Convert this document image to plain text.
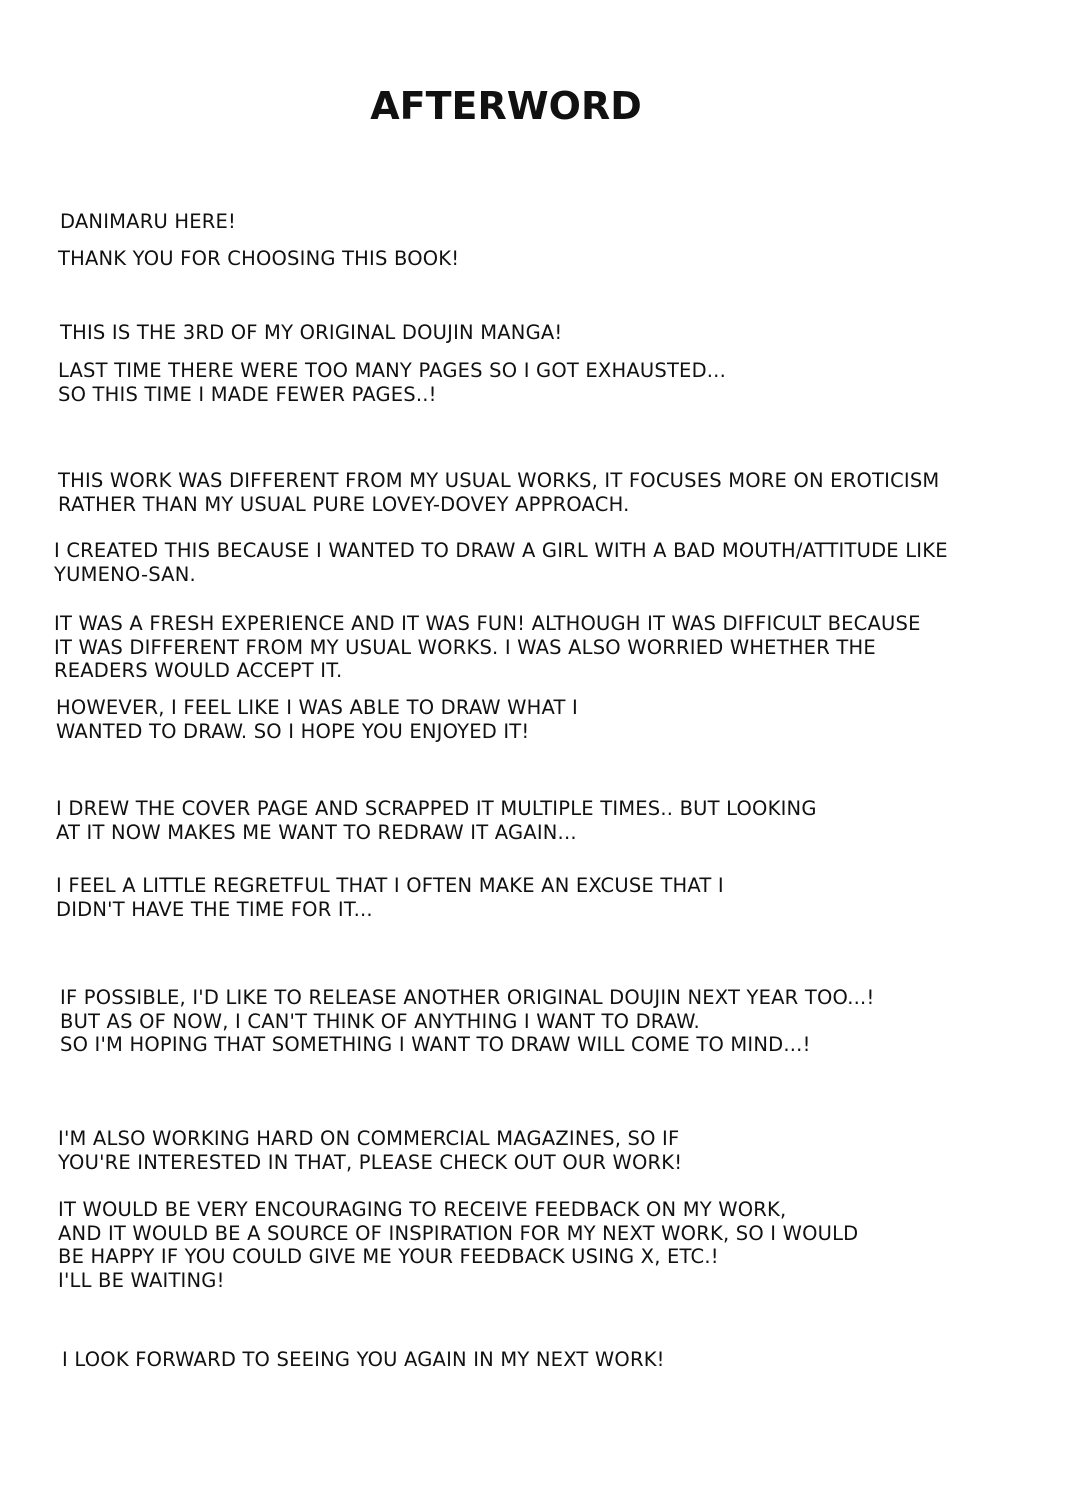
AFTERWORD
DANIMARU HERE!
THANK YOU FOR CHOOSING THIS BOOK!
THIS IS THE 3RD OF MY ORIGINAL DOUJIN MANGA!
LAST TIME THERE WERE TOO MANY PAGES SO I GOT EXHAUSTED...
SO THIS TIME I MADE FEWER PAGES..!
THIS WORK WAS DIFFERENT FROM MY USUAL WORKS, IT FOCUSES MORE ON EROTICISM
RATHER THAN MY USUAL PURE LOVEY-DOVEY APPROACH.
I CREATED THIS BECAUSE I WANTED TO DRAW A GIRL WITH A BAD MOUTH/ATTITUDE LIKE
YUMENO-SAN.
IT WAS A FRESH EXPERIENCE AND IT WAS FUN! ALTHOUGH IT WAS DIFFICULT BECAUSE
IT WAS DIFFERENT FROM MY USUAL WORKS. I WAS ALSO WORRIED WHETHER THE
READERS WOULD ACCEPT IT.
HOWEVER, I FEEL LIKE I WAS ABLE TO DRAW WHAT I
WANTED TO DRAW. SO I HOPE YOU ENJOYED IT!
I DREW THE COVER PAGE AND SCRAPPED IT MULTIPLE TIMES.. BUT LOOKING
AT IT NOW MAKES ME WANT TO REDRAW IT AGAIN...
I FEEL A LITTLE REGRETFUL THAT I OFTEN MAKE AN EXCUSE THAT I
DIDN'T HAVE THE TIME FOR IT...
IF POSSIBLE, I'D LIKE TO RELEASE ANOTHER ORIGINAL DOUJIN NEXT YEAR TOO...!
BUT AS OF NOW, I CAN'T THINK OF ANYTHING I WANT TO DRAW.
SO I'M HOPING THAT SOMETHING I WANT TO DRAW WILL COME TO MIND...!
I'M ALSO WORKING HARD ON COMMERCIAL MAGAZINES, SO IF
YOU'RE INTERESTED IN THAT, PLEASE CHECK OUT OUR WORK!
IT WOULD BE VERY ENCOURAGING TO RECEIVE FEEDBACK ON MY WORK,
AND IT WOULD BE A SOURCE OF INSPIRATION FOR MY NEXT WORK, SO I WOULD
BE HAPPY IF YOU COULD GIVE ME YOUR FEEDBACK USING X, ETC.!
I'LL BE WAITING!
I LOOK FORWARD TO SEEING YOU AGAIN IN MY NEXT WORK!
